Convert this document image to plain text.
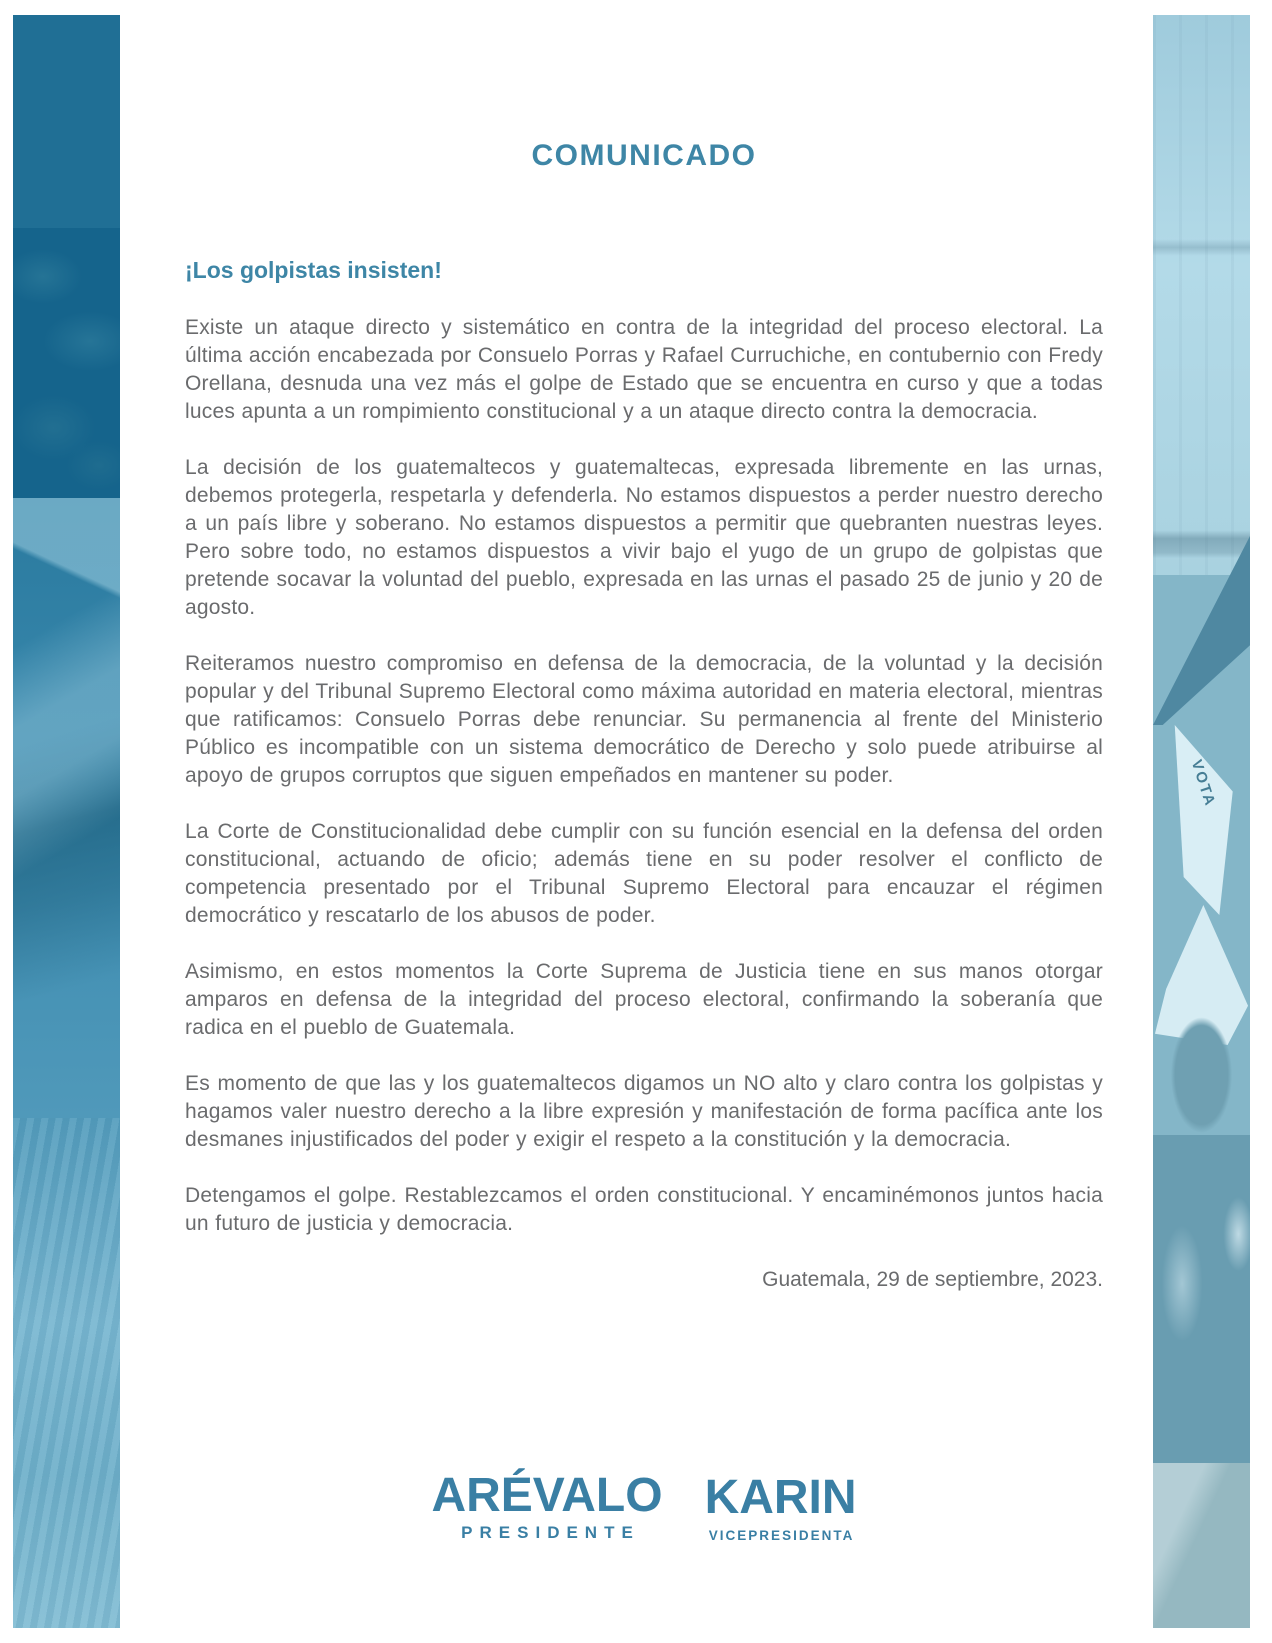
VOTA
COMUNICADO
¡Los golpistas insisten!

Existe un ataque directo y sistemático en contra de la integridad del proceso electoral. La última acción encabezada por Consuelo Porras y Rafael Curruchiche, en contubernio con Fredy Orellana, desnuda una vez más el golpe de Estado que se encuentra en curso y que a todas luces apunta a un rompimiento constitucional y a un ataque directo contra la democracia.

La decisión de los guatemaltecos y guatemaltecas, expresada libremente en las urnas, debemos protegerla, respetarla y defenderla. No estamos dispuestos a perder nuestro derecho a un país libre y soberano. No estamos dispuestos a permitir que quebranten nuestras leyes. Pero sobre todo, no estamos dispuestos a vivir bajo el yugo de un grupo de golpistas que pretende socavar la voluntad del pueblo, expresada en las urnas el pasado 25 de junio y 20 de agosto.

Reiteramos nuestro compromiso en defensa de la democracia, de la voluntad y la decisión popular y del Tribunal Supremo Electoral como máxima autoridad en materia electoral, mientras que ratificamos: Consuelo Porras debe renunciar. Su permanencia al frente del Ministerio Público es incompatible con un sistema democrático de Derecho y solo puede atribuirse al apoyo de grupos corruptos que siguen empeñados en mantener su poder.

La Corte de Constitucionalidad debe cumplir con su función esencial en la defensa del orden constitucional, actuando de oficio; además tiene en su poder resolver el conflicto de competencia presentado por el Tribunal Supremo Electoral para encauzar el régimen democrático y rescatarlo de los abusos de poder.

Asimismo, en estos momentos la Corte Suprema de Justicia tiene en sus manos otorgar amparos en defensa de la integridad del proceso electoral, confirmando la soberanía que radica en el pueblo de Guatemala.

Es momento de que las y los guatemaltecos digamos un NO alto y claro contra los golpistas y hagamos valer nuestro derecho a la libre expresión y manifestación de forma pacífica ante los desmanes injustificados del poder y exigir el respeto a la constitución y la democracia.

Detengamos el golpe. Restablezcamos el orden constitucional. Y encaminémonos juntos hacia un futuro de justicia y democracia.

Guatemala, 29 de septiembre, 2023.
ARÉVALO
PRESIDENTE
KARIN
VICEPRESIDENTA
